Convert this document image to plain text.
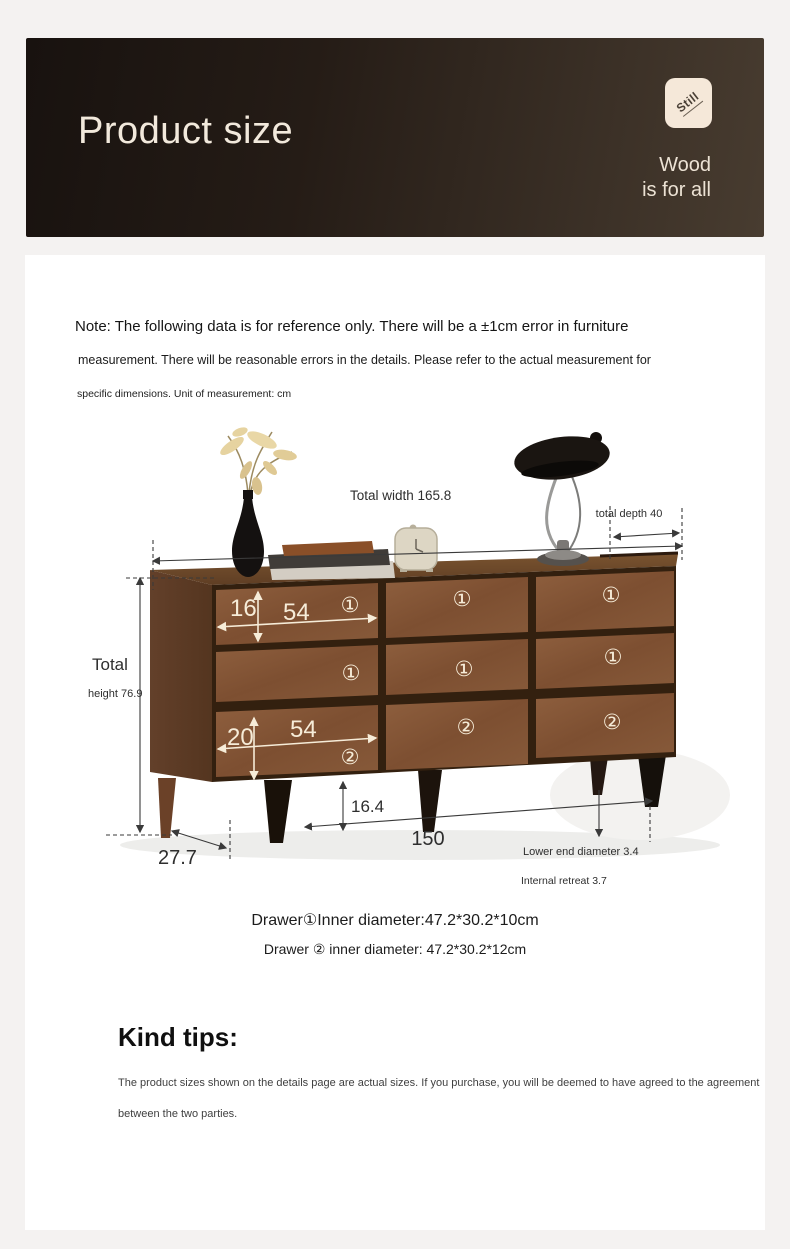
Product size
Still
Wood
is for all
Note: The following data is for reference only. There will be a ±1cm error in furniture
measurement. There will be reasonable errors in the details. Please refer to the actual measurement for
specific dimensions. Unit of measurement: cm
Total width 165.8
total depth 40
Total
height 76.9
16.4
150
27.7	Lower end diameter 3.4
Internal retreat 3.7
16 54
20 54
①	①	①
①	①	①
②
②	②
Drawer①Inner diameter:47.2*30.2*10cm
Drawer ② inner diameter: 47.2*30.2*12cm
Kind tips:
The product sizes shown on the details page are actual sizes. If you purchase, you will be deemed to have agreed to the agreement
between the two parties.
